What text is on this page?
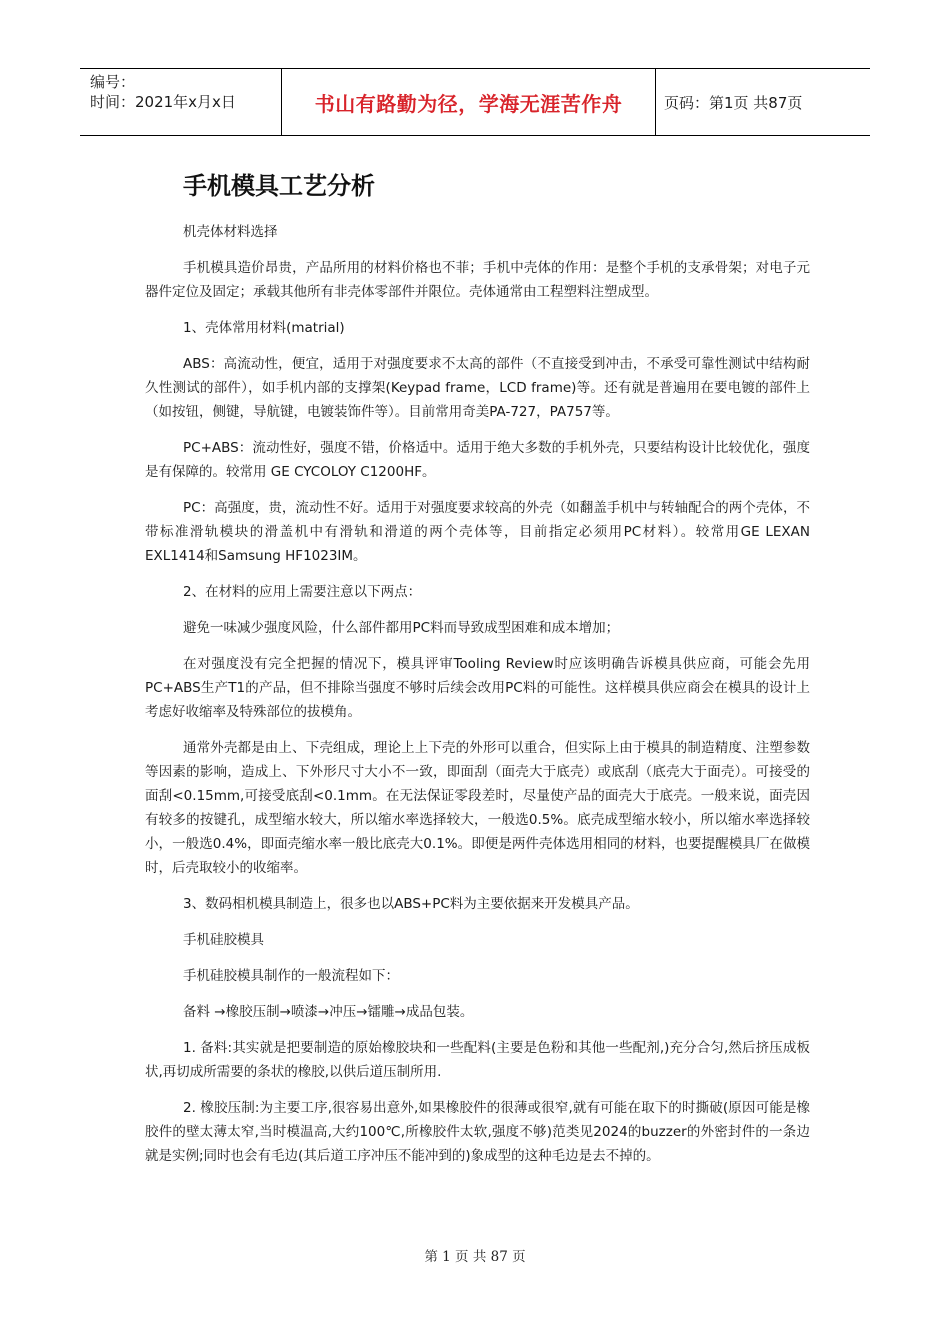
编号：
时间：2021年x月x日	书山有路勤为径，学海无涯苦作舟	页码：第1页 共87页
手机模具工艺分析

机壳体材料选择

手机模具造价昂贵，产品所用的材料价格也不菲；手机中壳体的作用：是整个手机的支承骨架；对电子元器件定位及固定；承载其他所有非壳体零部件并限位。壳体通常由工程塑料注塑成型。

1、壳体常用材料(matrial)

ABS：高流动性，便宜，适用于对强度要求不太高的部件（不直接受到冲击，不承受可靠性测试中结构耐久性测试的部件），如手机内部的支撑架(Keypad frame，LCD frame)等。还有就是普遍用在要电镀的部件上（如按钮，侧键，导航键，电镀装饰件等）。目前常用奇美PA-727，PA757等。

PC+ABS：流动性好，强度不错，价格适中。适用于绝大多数的手机外壳，只要结构设计比较优化，强度是有保障的。较常用 GE CYCOLOY C1200HF。

PC：高强度，贵，流动性不好。适用于对强度要求较高的外壳（如翻盖手机中与转轴配合的两个壳体，不带标准滑轨模块的滑盖机中有滑轨和滑道的两个壳体等，目前指定必须用PC材料）。较常用GE LEXAN EXL1414和Samsung HF1023IM。

2、在材料的应用上需要注意以下两点：

避免一味减少强度风险，什么部件都用PC料而导致成型困难和成本增加；

在对强度没有完全把握的情况下，模具评审Tooling Review时应该明确告诉模具供应商，可能会先用PC+ABS生产T1的产品，但不排除当强度不够时后续会改用PC料的可能性。这样模具供应商会在模具的设计上考虑好收缩率及特殊部位的拔模角。

通常外壳都是由上、下壳组成，理论上上下壳的外形可以重合，但实际上由于模具的制造精度、注塑参数等因素的影响，造成上、下外形尺寸大小不一致，即面刮（面壳大于底壳）或底刮（底壳大于面壳）。可接受的面刮<0.15mm,可接受底刮<0.1mm。在无法保证零段差时，尽量使产品的面壳大于底壳。一般来说，面壳因有较多的按键孔，成型缩水较大，所以缩水率选择较大，一般选0.5%。底壳成型缩水较小，所以缩水率选择较小，一般选0.4%，即面壳缩水率一般比底壳大0.1%。即便是两件壳体选用相同的材料，也要提醒模具厂在做模时，后壳取较小的收缩率。

3、数码相机模具制造上，很多也以ABS+PC料为主要依据来开发模具产品。

手机硅胶模具

手机硅胶模具制作的一般流程如下：

备料 →橡胶压制→喷漆→冲压→镭雕→成品包装。

1. 备料:其实就是把要制造的原始橡胶块和一些配料(主要是色粉和其他一些配剂,)充分合匀,然后挤压成板状,再切成所需要的条状的橡胶,以供后道压制所用.

2. 橡胶压制:为主要工序,很容易出意外,如果橡胶件的很薄或很窄,就有可能在取下的时撕破(原因可能是橡胶件的壁太薄太窄,当时模温高,大约100℃,所橡胶件太软,强度不够)范类见2024的buzzer的外密封件的一条边就是实例;同时也会有毛边(其后道工序冲压不能冲到的)象成型的这种毛边是去不掉的。

第 1 页 共 87 页
